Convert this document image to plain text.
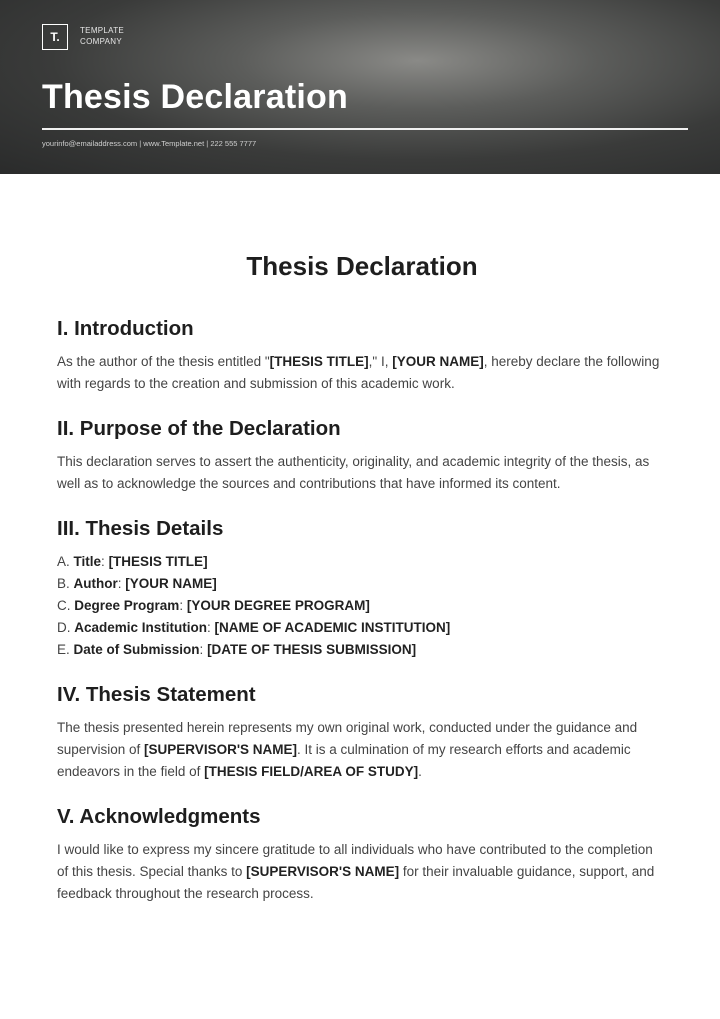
T.	TEMPLATE
COMPANY
Thesis Declaration
yourinfo@emailaddress.com | www.Template.net | 222 555 7777
Thesis Declaration
I. Introduction

As the author of the thesis entitled "[THESIS TITLE]," I, [YOUR NAME], hereby declare the following with regards to the creation and submission of this academic work.

II. Purpose of the Declaration

This declaration serves to assert the authenticity, originality, and academic integrity of the thesis, as well as to acknowledge the sources and contributions that have informed its content.

III. Thesis Details
A. Title: [THESIS TITLE]
B. Author: [YOUR NAME]
C. Degree Program: [YOUR DEGREE PROGRAM]
D. Academic Institution: [NAME OF ACADEMIC INSTITUTION]
E. Date of Submission: [DATE OF THESIS SUBMISSION]
IV. Thesis Statement

The thesis presented herein represents my own original work, conducted under the guidance and supervision of [SUPERVISOR'S NAME]. It is a culmination of my research efforts and academic endeavors in the field of [THESIS FIELD/AREA OF STUDY].

V. Acknowledgments

I would like to express my sincere gratitude to all individuals who have contributed to the completion of this thesis. Special thanks to [SUPERVISOR'S NAME] for their invaluable guidance, support, and feedback throughout the research process.
